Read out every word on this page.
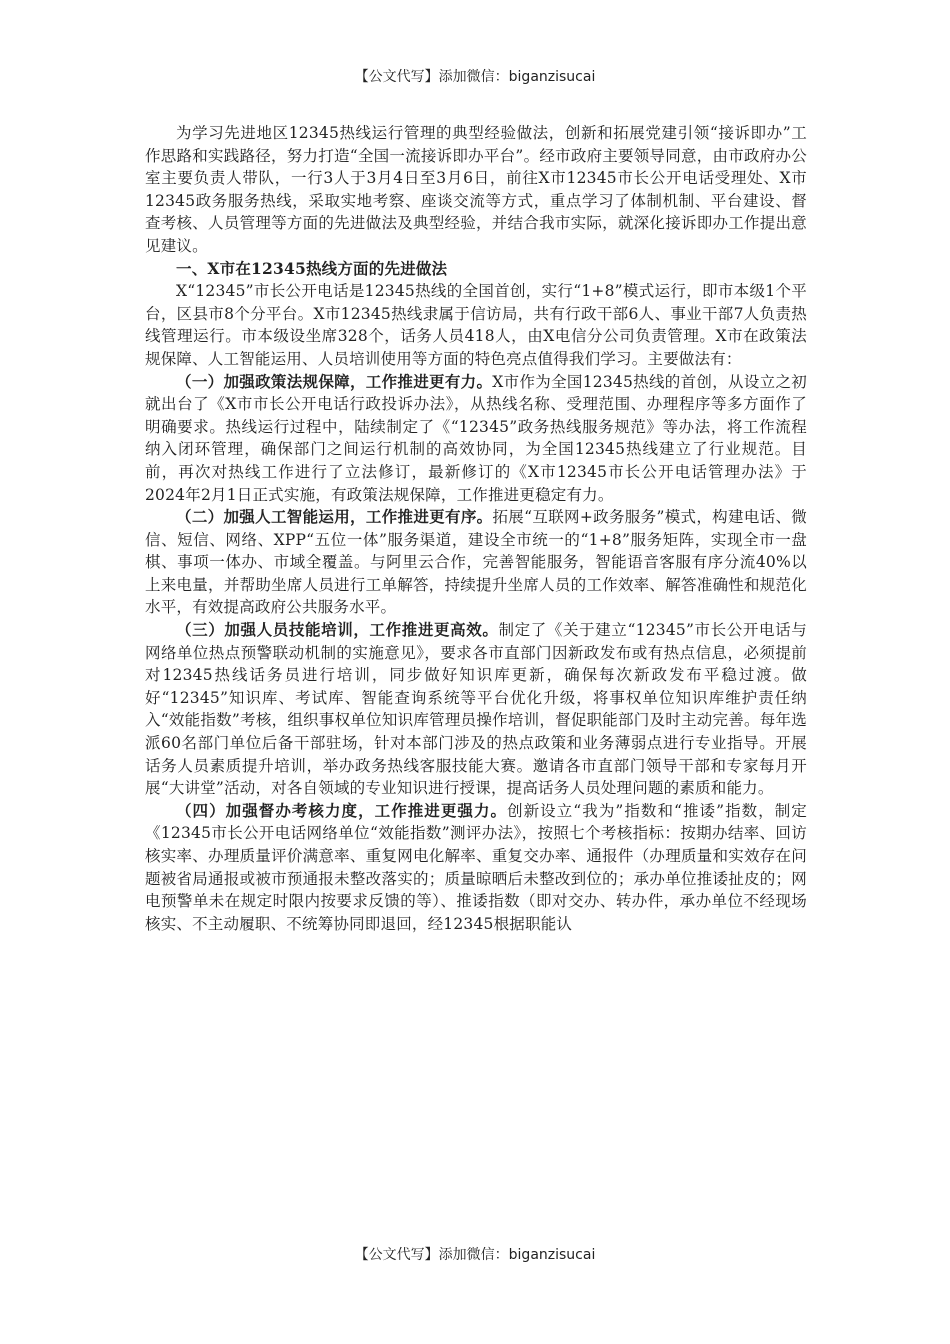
【公文代写】添加微信：biganzisucai

为学习先进地区12345热线运行管理的典型经验做法，创新和拓展党建引领“接诉即办”工作思路和实践路径，努力打造“全国一流接诉即办平台”。经市政府主要领导同意，由市政府办公室主要负责人带队，一行3人于3月4日至3月6日，前往X市12345市长公开电话受理处、X市12345政务服务热线，采取实地考察、座谈交流等方式，重点学习了体制机制、平台建设、督查考核、人员管理等方面的先进做法及典型经验，并结合我市实际，就深化接诉即办工作提出意见建议。

一、X市在12345热线方面的先进做法

X“12345”市长公开电话是12345热线的全国首创，实行“1+8”模式运行，即市本级1个平台，区县市8个分平台。X市12345热线隶属于信访局，共有行政干部6人、事业干部7人负责热线管理运行。市本级设坐席328个，话务人员418人，由X电信分公司负责管理。X市在政策法规保障、人工智能运用、人员培训使用等方面的特色亮点值得我们学习。主要做法有：

（一）加强政策法规保障，工作推进更有力。X市作为全国12345热线的首创，从设立之初就出台了《X市市长公开电话行政投诉办法》，从热线名称、受理范围、办理程序等多方面作了明确要求。热线运行过程中，陆续制定了《“12345”政务热线服务规范》等办法，将工作流程纳入闭环管理，确保部门之间运行机制的高效协同，为全国12345热线建立了行业规范。目前，再次对热线工作进行了立法修订，最新修订的《X市12345市长公开电话管理办法》于2024年2月1日正式实施，有政策法规保障，工作推进更稳定有力。

（二）加强人工智能运用，工作推进更有序。拓展“互联网+政务服务”模式，构建电话、微信、短信、网络、XPP“五位一体”服务渠道，建设全市统一的“1+8”服务矩阵，实现全市一盘棋、事项一体办、市域全覆盖。与阿里云合作，完善智能服务，智能语音客服有序分流40%以上来电量，并帮助坐席人员进行工单解答，持续提升坐席人员的工作效率、解答准确性和规范化水平，有效提高政府公共服务水平。

（三）加强人员技能培训，工作推进更高效。制定了《关于建立“12345”市长公开电话与网络单位热点预警联动机制的实施意见》，要求各市直部门因新政发布或有热点信息，必须提前对12345热线话务员进行培训，同步做好知识库更新，确保每次新政发布平稳过渡。做好“12345”知识库、考试库、智能查询系统等平台优化升级，将事权单位知识库维护责任纳入“效能指数”考核，组织事权单位知识库管理员操作培训，督促职能部门及时主动完善。每年选派60名部门单位后备干部驻场，针对本部门涉及的热点政策和业务薄弱点进行专业指导。开展话务人员素质提升培训，举办政务热线客服技能大赛。邀请各市直部门领导干部和专家每月开展“大讲堂”活动，对各自领域的专业知识进行授课，提高话务人员处理问题的素质和能力。

（四）加强督办考核力度，工作推进更强力。创新设立“我为”指数和“推诿”指数，制定《12345市长公开电话网络单位“效能指数”测评办法》，按照七个考核指标：按期办结率、回访核实率、办理质量评价满意率、重复网电化解率、重复交办率、通报件（办理质量和实效存在问题被省局通报或被市预通报未整改落实的；质量晾晒后未整改到位的；承办单位推诿扯皮的；网电预警单未在规定时限内按要求反馈的等）、推诿指数（即对交办、转办件，承办单位不经现场核实、不主动履职、不统筹协同即退回，经12345根据职能认

【公文代写】添加微信：biganzisucai
